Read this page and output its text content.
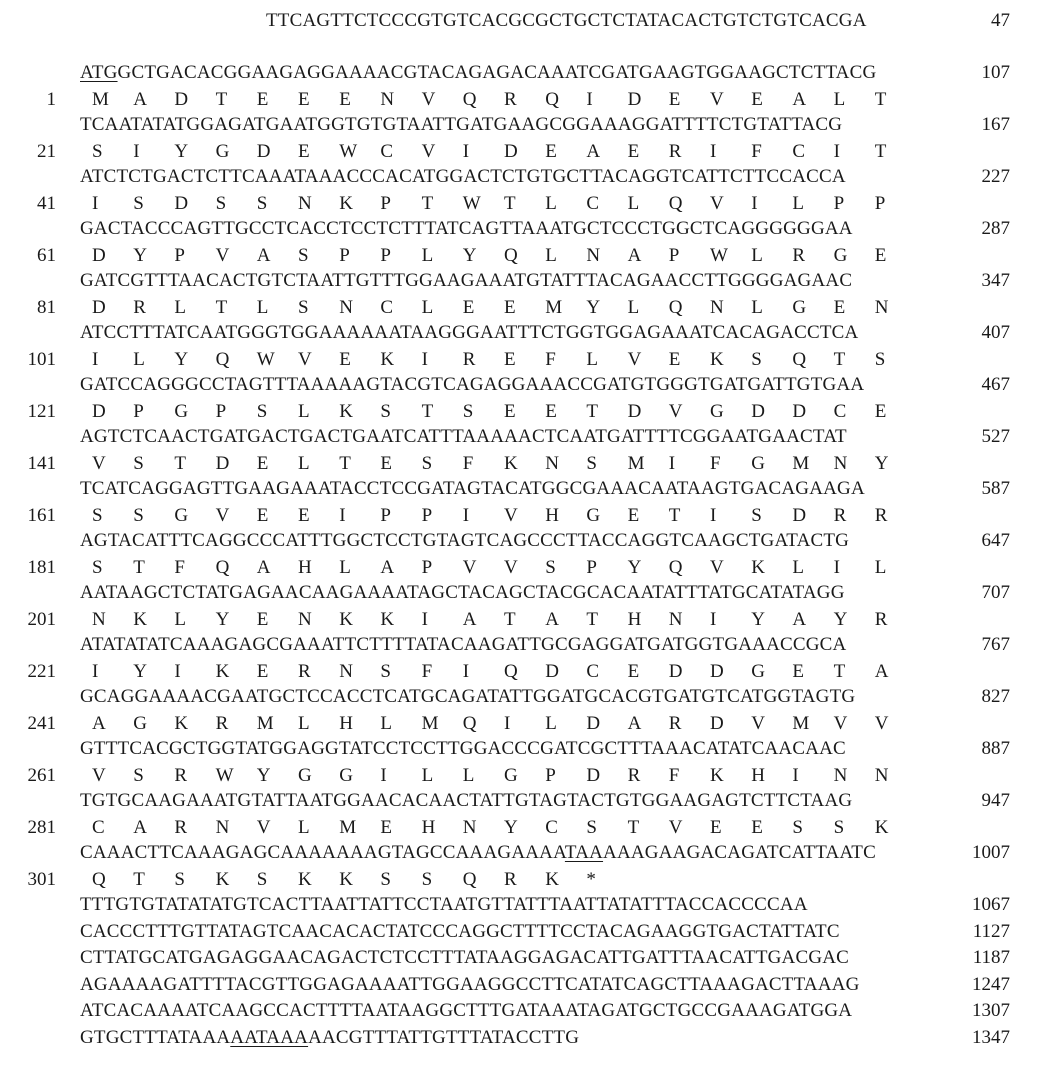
TTCAGTTCTCCCGTGTCACGCGCTGCTCTATACACTGTCTGTCACGA	47
ATGGCTGACACGGAAGAGGAAAACGTACAGAGACAAATCGATGAAGTGGAAGCTCTTACG	107
1 M A D T E E E N V Q R Q I D E V E A L T
TCAATATATGGAGATGAATGGTGTGTAATTGATGAAGCGGAAAGGATTTTCTGTATTACG	167
21 S I Y G D E W C V I D E A E R I F C I T
ATCTCTGACTCTTCAAATAAACCCACATGGACTCTGTGCTTACAGGTCATTCTTCCACCA	227
41 I S D S S N K P T W T L C L Q V I L P P
GACTACCCAGTTGCCTCACCTCCTCTTTATCAGTTAAATGCTCCCTGGCTCAGGGGGGAA	287
61 D Y P V A S P P L Y Q L N A P W L R G E
GATCGTTTAACACTGTCTAATTGTTTGGAAGAAATGTATTTACAGAACCTTGGGGAGAAC	347
81 D R L T L S N C L E E M Y L Q N L G E N
ATCCTTTATCAATGGGTGGAAAAAATAAGGGAATTTCTGGTGGAGAAATCACAGACCTCA	407
101 I L Y Q W V E K I R E F L V E K S Q T S
GATCCAGGGCCTAGTTTAAAAAGTACGTCAGAGGAAACCGATGTGGGTGATGATTGTGAA	467
121 D P G P S L K S T S E E T D V G D D C E
AGTCTCAACTGATGACTGACTGAATCATTTAAAAACTCAATGATTTTCGGAATGAACTAT	527
141 V S T D E L T E S F K N S M I F G M N Y
TCATCAGGAGTTGAAGAAATACCTCCGATAGTACATGGCGAAACAATAAGTGACAGAAGA	587
161 S S G V E E I P P I V H G E T I S D R R
AGTACATTTCAGGCCCATTTGGCTCCTGTAGTCAGCCCTTACCAGGTCAAGCTGATACTG	647
181 S T F Q A H L A P V V S P Y Q V K L I L
AATAAGCTCTATGAGAACAAGAAAATAGCTACAGCTACGCACAATATTTATGCATATAGG	707
201 N K L Y E N K K I A T A T H N I Y A Y R
ATATATATCAAAGAGCGAAATTCTTTTATACAAGATTGCGAGGATGATGGTGAAACCGCA	767
221 I Y I K E R N S F I Q D C E D D G E T A
GCAGGAAAACGAATGCTCCACCTCATGCAGATATTGGATGCACGTGATGTCATGGTAGTG	827
241 A G K R M L H L M Q I L D A R D V M V V
GTTTCACGCTGGTATGGAGGTATCCTCCTTGGACCCGATCGCTTTAAACATATCAACAAC	887
261 V S R W Y G G I L L G P D R F K H I N N
TGTGCAAGAAATGTATTAATGGAACACAACTATTGTAGTACTGTGGAAGAGTCTTCTAAG	947
281 C A R N V L M E H N Y C S T V E E S S K
CAAACTTCAAAGAGCAAAAAAAGTAGCCAAAGAAAATAAAAAGAAGACAGATCATTAATC	1007
301 Q T S K S K K S S Q R K *
TTTGTGTATATATGTCACTTAATTATTCCTAATGTTATTTAATTATATTTACCACCCCAA	1067
CACCCTTTGTTATAGTCAACACACTATCCCAGGCTTTTCCTACAGAAGGTGACTATTATC	1127
CTTATGCATGAGAGGAACAGACTCTCCTTTATAAGGAGACATTGATTTAACATTGACGAC	1187
AGAAAAGATTTTACGTTGGAGAAAATTGGAAGGCCTTCATATCAGCTTAAAGACTTAAAG	1247
ATCACAAAATCAAGCCACTTTTAATAAGGCTTTGATAAATAGATGCTGCCGAAAGATGGA	1307
GTGCTTTATAAAAATAAAAACGTTTATTGTTTATACCTTG	1347
